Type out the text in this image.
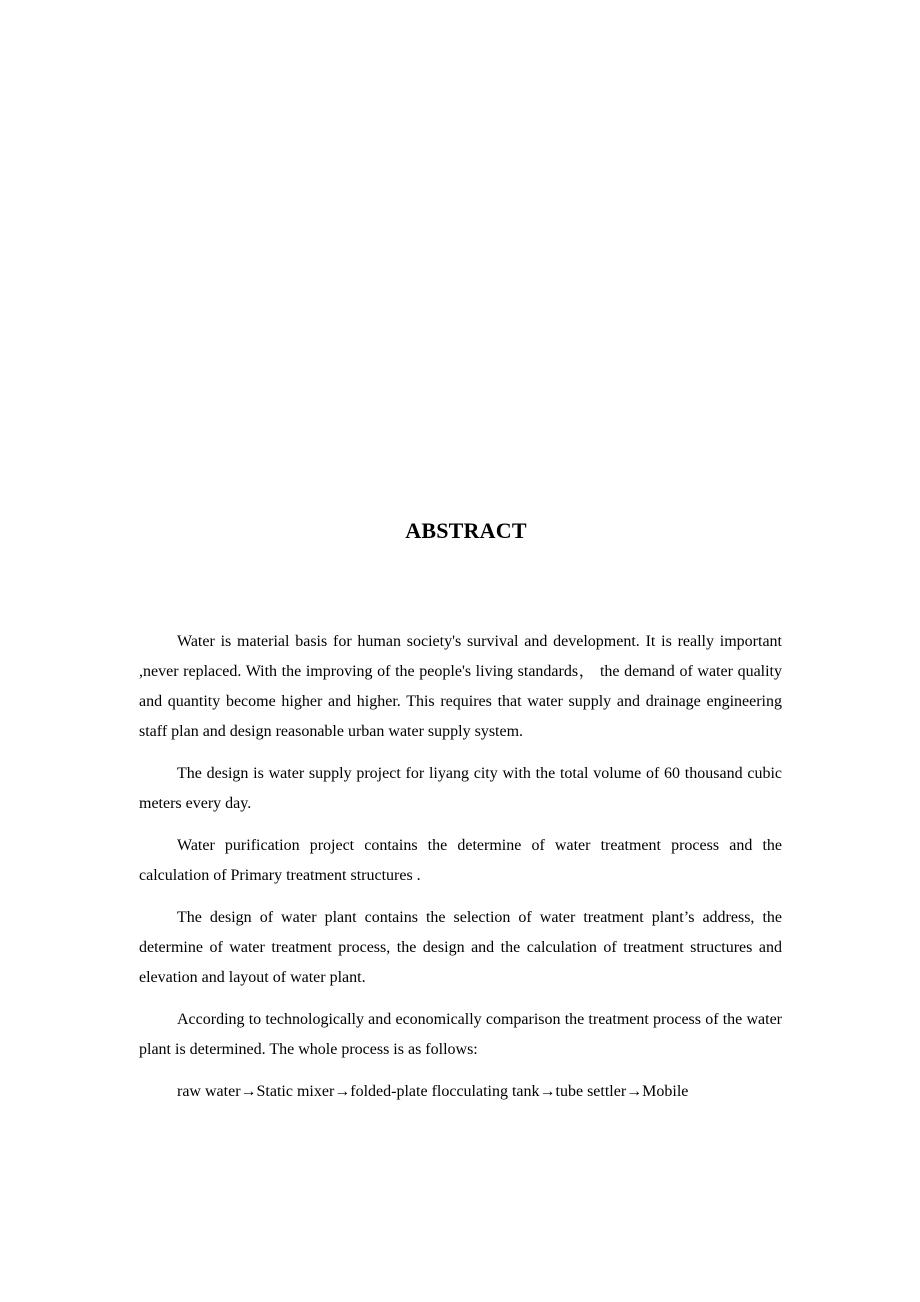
ABSTRACT

Water is material basis for human society's survival and development. It is really important ,never replaced. With the improving of the people's living standards， the demand of water quality and quantity become higher and higher. This requires that water supply and drainage engineering staff plan and design reasonable urban water supply system.

The design is water supply project for liyang city with the total volume of 60 thousand cubic meters every day.

Water purification project contains the determine of water treatment process and the calculation of Primary treatment structures .

The design of water plant contains the selection of water treatment plant’s address, the determine of water treatment process, the design and the calculation of treatment structures and elevation and layout of water plant.

According to technologically and economically comparison the treatment process of the water plant is determined. The whole process is as follows:

raw water→Static mixer→folded-plate flocculating tank→tube settler→Mobile
